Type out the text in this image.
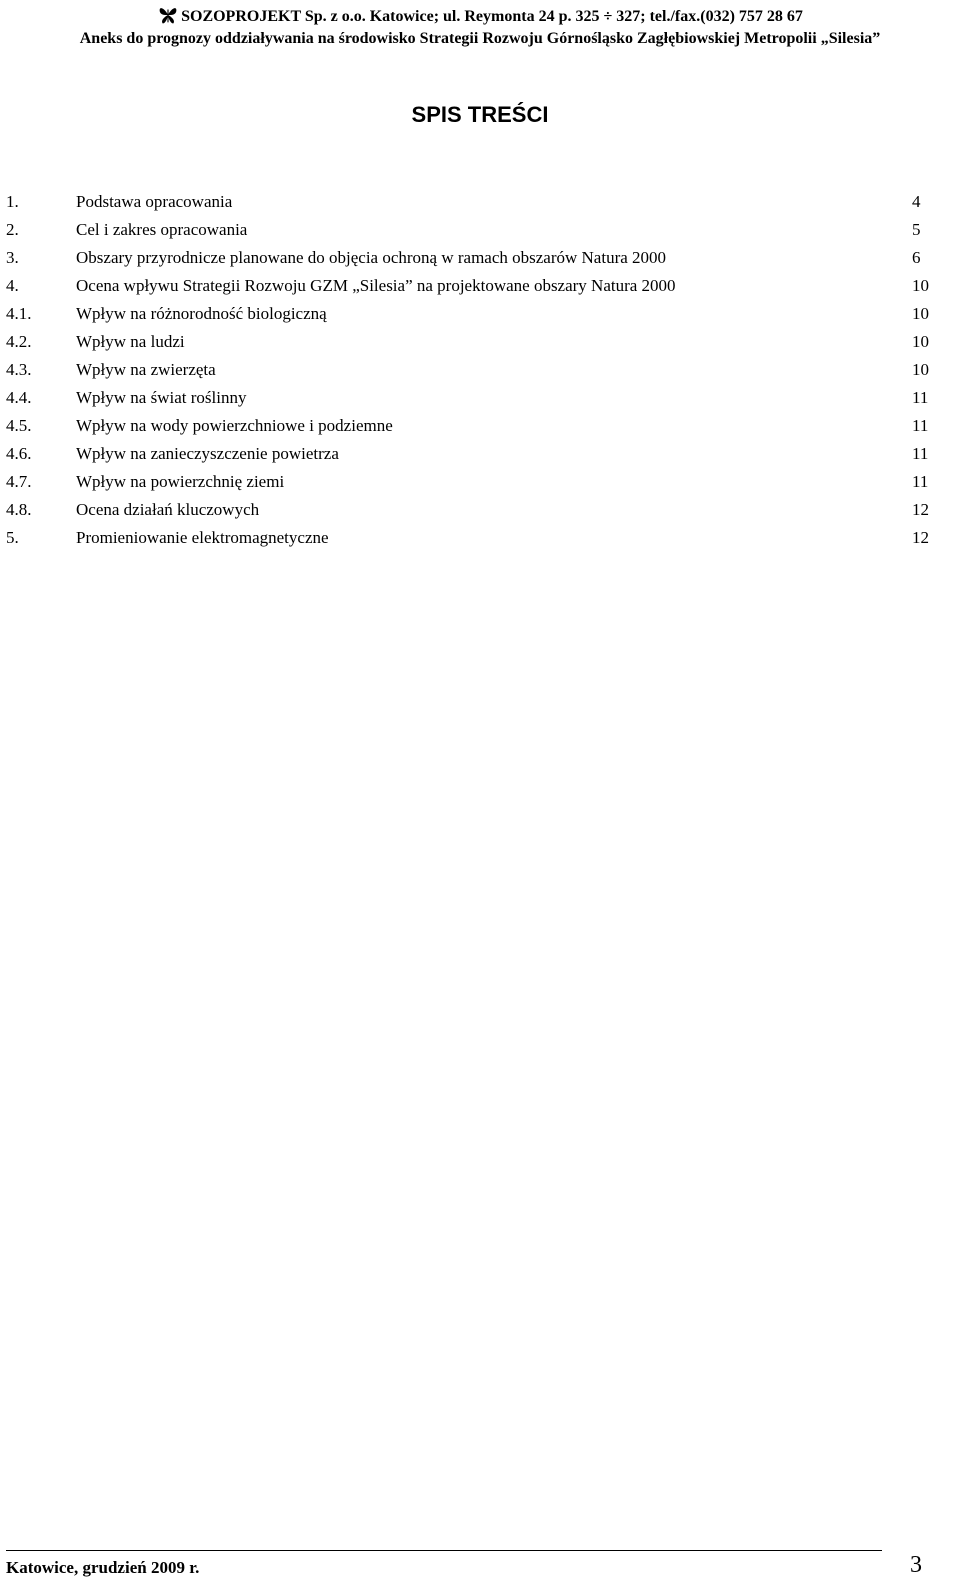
SOZOPROJEKT Sp. z o.o. Katowice; ul. Reymonta 24 p. 325 ÷ 327; tel./fax.(032) 757 28 67
Aneks do prognozy oddziaływania na środowisko Strategii Rozwoju Górnośląsko Zagłębiowskiej Metropolii „Silesia”
SPIS TREŚCI
1.	Podstawa opracowania	4
2.	Cel i zakres opracowania	5
3.	Obszary przyrodnicze planowane do objęcia ochroną w ramach obszarów Natura 2000	6
4.	Ocena wpływu Strategii Rozwoju GZM „Silesia” na projektowane obszary Natura 2000	10
4.1.	Wpływ na różnorodność biologiczną	10
4.2.	Wpływ na ludzi	10
4.3.	Wpływ na zwierzęta	10
4.4.	Wpływ na świat roślinny	11
4.5.	Wpływ na wody powierzchniowe i podziemne	11
4.6.	Wpływ na zanieczyszczenie powietrza	11
4.7.	Wpływ na powierzchnię ziemi	11
4.8.	Ocena działań kluczowych	12
5.	Promieniowanie elektromagnetyczne	12
Katowice, grudzień 2009 r.	3
